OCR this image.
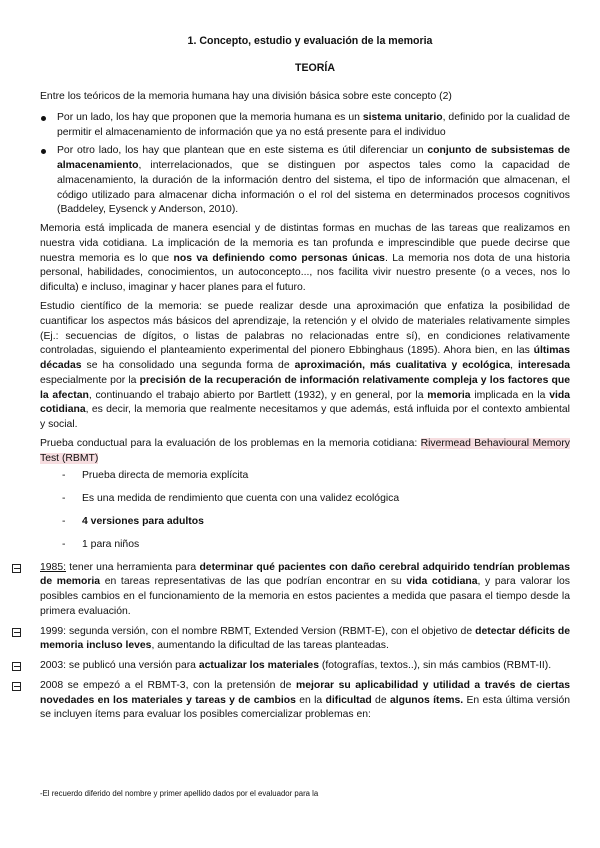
1. Concepto, estudio y evaluación de la memoria
TEORÍA

Entre los teóricos de la memoria humana hay una división básica sobre este concepto (2)

Por un lado, los hay que proponen que la memoria humana es un sistema unitario, definido por la cualidad de permitir el almacenamiento de información que ya no está presente para el individuo
Por otro lado, los hay que plantean que en este sistema es útil diferenciar un conjunto de subsistemas de almacenamiento, interrelacionados, que se distinguen por aspectos tales como la capacidad de almacenamiento, la duración de la información dentro del sistema, el tipo de información que almacenan, el código utilizado para almacenar dicha información o el rol del sistema en determinados procesos cognitivos (Baddeley, Eysenck y Anderson, 2010).

Memoria está implicada de manera esencial y de distintas formas en muchas de las tareas que realizamos en nuestra vida cotidiana. La implicación de la memoria es tan profunda e imprescindible que puede decirse que nuestra memoria es lo que nos va definiendo como personas únicas. La memoria nos dota de una historia personal, habilidades, conocimientos, un autoconcepto..., nos facilita vivir nuestro presente (o a veces, nos lo dificulta) e incluso, imaginar y hacer planes para el futuro.

Estudio científico de la memoria: se puede realizar desde una aproximación que enfatiza la posibilidad de cuantificar los aspectos más básicos del aprendizaje, la retención y el olvido de materiales relativamente simples (Ej.: secuencias de dígitos, o listas de palabras no relacionadas entre sí), en condiciones relativamente controladas, siguiendo el planteamiento experimental del pionero Ebbinghaus (1895). Ahora bien, en las últimas décadas se ha consolidado una segunda forma de aproximación, más cualitativa y ecológica, interesada especialmente por la precisión de la recuperación de información relativamente compleja y los factores que la afectan, continuando el trabajo abierto por Bartlett (1932), y en general, por la memoria implicada en la vida cotidiana, es decir, la memoria que realmente necesitamos y que además, está influida por el contexto ambiental y social.

Prueba conductual para la evaluación de los problemas en la memoria cotidiana: Rivermead Behavioural Memory Test (RBMT)

- Prueba directa de memoria explícita
- Es una medida de rendimiento que cuenta con una validez ecológica
- 4 versiones para adultos
- 1 para niños
1985: tener una herramienta para determinar qué pacientes con daño cerebral adquirido tendrían problemas de memoria en tareas representativas de las que podrían encontrar en su vida cotidiana, y para valorar los posibles cambios en el funcionamiento de la memoria en estos pacientes a medida que pasara el tiempo desde la primera evaluación.
1999: segunda versión, con el nombre RBMT, Extended Version (RBMT-E), con el objetivo de detectar déficits de memoria incluso leves, aumentando la dificultad de las tareas planteadas.
2003: se publicó una versión para actualizar los materiales (fotografías, textos..), sin más cambios (RBMT-II).
2008 se empezó a el RBMT-3, con la pretensión de mejorar su aplicabilidad y utilidad a través de ciertas novedades en los materiales y tareas y de cambios en la dificultad de algunos ítems. En esta última versión se incluyen ítems para evaluar los posibles comercializar problemas en:
-El recuerdo diferido del nombre y primer apellido dados por el evaluador para la
